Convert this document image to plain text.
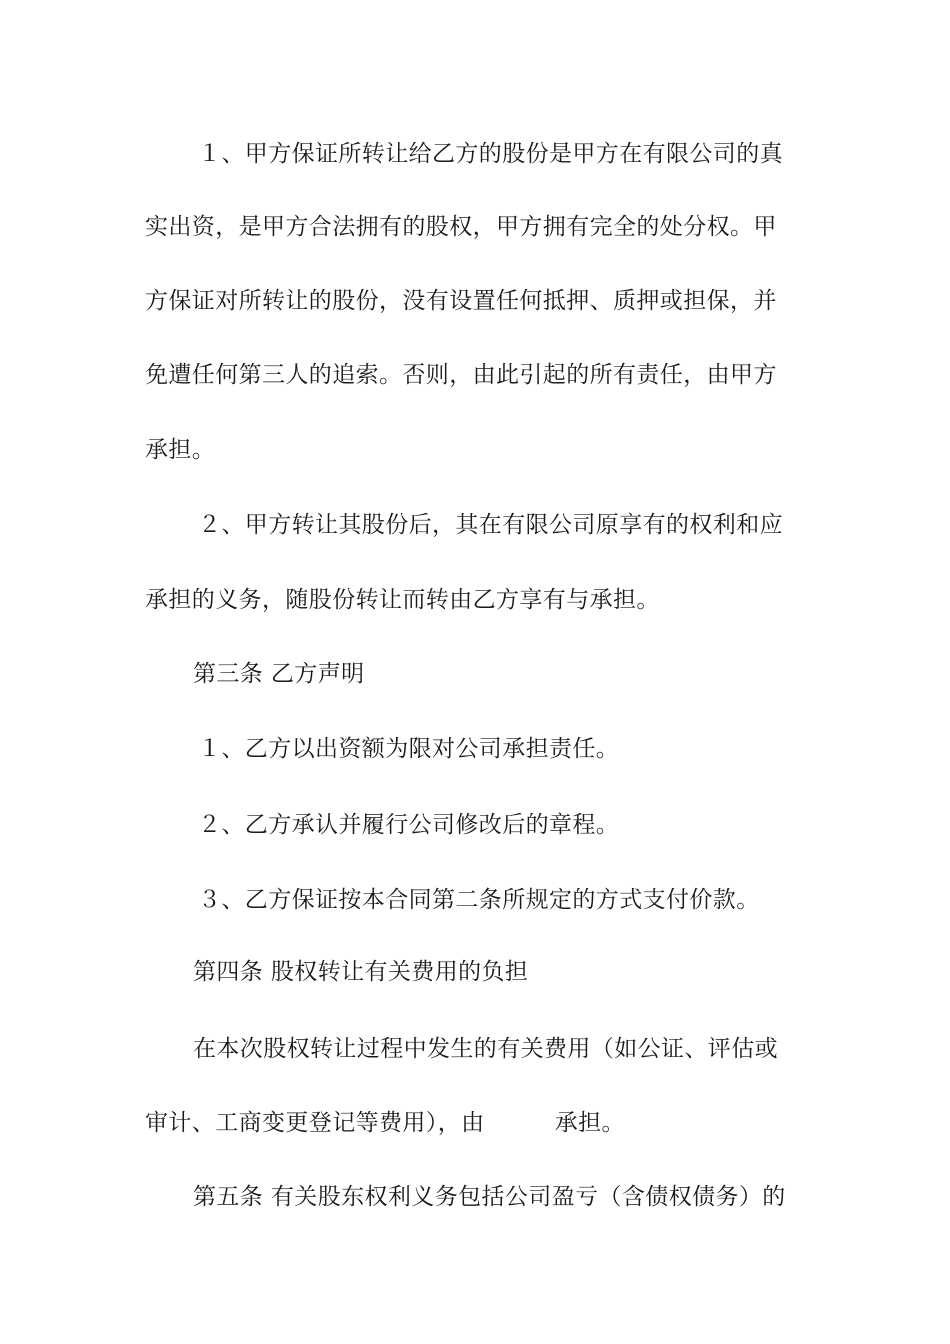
１、甲方保证所转让给乙方的股份是甲方在有限公司的真
实出资，是甲方合法拥有的股权，甲方拥有完全的处分权。甲
方保证对所转让的股份，没有设置任何抵押、质押或担保，并
免遭任何第三人的追索。否则，由此引起的所有责任，由甲方
承担。
２、甲方转让其股份后，其在有限公司原享有的权利和应
承担的义务，随股份转让而转由乙方享有与承担。
第三条 乙方声明
１、乙方以出资额为限对公司承担责任。
２、乙方承认并履行公司修改后的章程。
３、乙方保证按本合同第二条所规定的方式支付价款。
第四条 股权转让有关费用的负担
在本次股权转让过程中发生的有关费用（如公证、评估或
审计、工商变更登记等费用），由　　　承担。
第五条 有关股东权利义务包括公司盈亏（含债权债务）的
